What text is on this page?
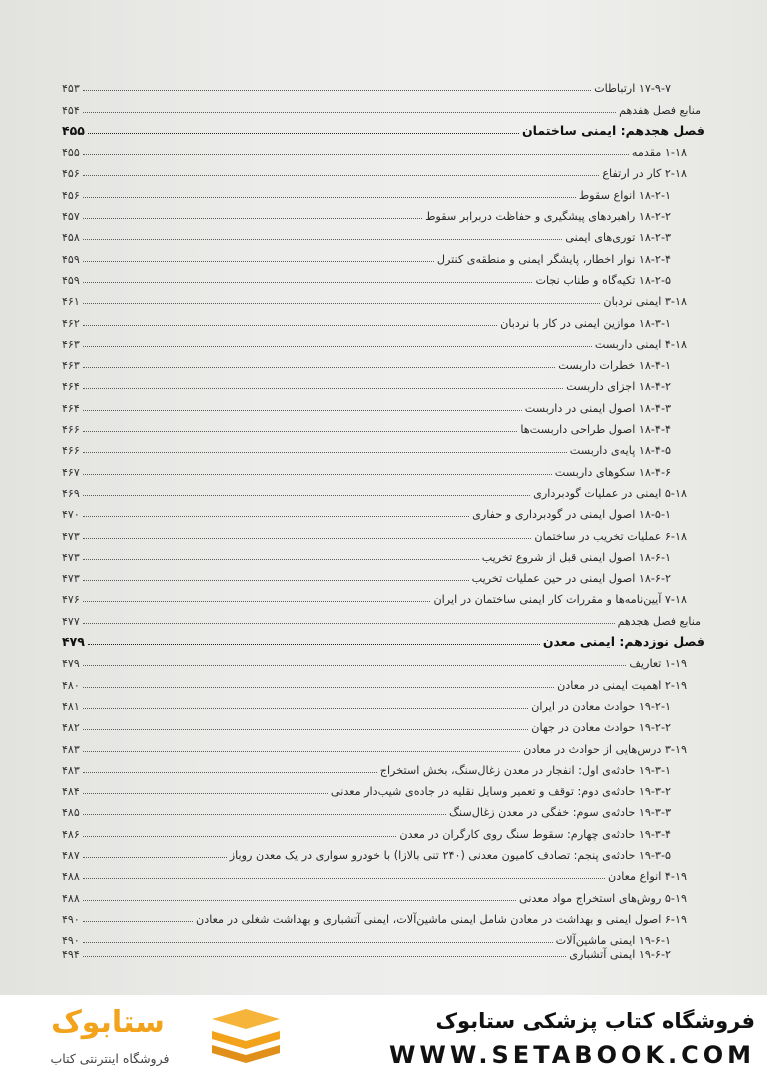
۱۷-۹-۷ ارتباطات
۴۵۳
منابع فصل هفدهم
۴۵۴
فصل هجدهم: ایمنی ساختمان
۴۵۵
۱-۱۸ مقدمه
۴۵۵
۲-۱۸ کار در ارتفاع
۴۵۶
۱۸-۲-۱ انواع سقوط
۴۵۶
۱۸-۲-۲ راهبردهای پیشگیری و حفاظت دربرابر سقوط
۴۵۷
۱۸-۲-۳ توری‌های ایمنی
۴۵۸
۱۸-۲-۴ نوار اخطار، پایشگر ایمنی و منطقه‌ی کنترل
۴۵۹
۱۸-۲-۵ تکیه‌گاه و طناب نجات
۴۵۹
۳-۱۸ ایمنی نردبان
۴۶۱
۱۸-۳-۱ موازین ایمنی در کار با نردبان
۴۶۲
۴-۱۸ ایمنی داربست
۴۶۳
۱۸-۴-۱ خطرات داربست
۴۶۳
۱۸-۴-۲ اجزای داربست
۴۶۴
۱۸-۴-۳ اصول ایمنی در داربست
۴۶۴
۱۸-۴-۴ اصول طراحی داربست‌ها
۴۶۶
۱۸-۴-۵ پایه‌ی داربست
۴۶۶
۱۸-۴-۶ سکوهای داربست
۴۶۷
۵-۱۸ ایمنی در عملیات گودبرداری
۴۶۹
۱۸-۵-۱ اصول ایمنی در گودبرداری و حفاری
۴۷۰
۶-۱۸ عملیات تخریب در ساختمان
۴۷۳
۱۸-۶-۱ اصول ایمنی قبل از شروع تخریب
۴۷۳
۱۸-۶-۲ اصول ایمنی در حین عملیات تخریب
۴۷۳
۷-۱۸ آیین‌نامه‌ها و مقررات کار ایمنی ساختمان در ایران
۴۷۶
منابع فصل هجدهم
۴۷۷
فصل نوزدهم: ایمنی معدن
۴۷۹
۱-۱۹ تعاریف
۴۷۹
۲-۱۹ اهمیت ایمنی در معادن
۴۸۰
۱۹-۲-۱ حوادث معادن در ایران
۴۸۱
۱۹-۲-۲ حوادث معادن در جهان
۴۸۲
۳-۱۹ درس‌هایی از حوادث در معادن
۴۸۳
۱۹-۳-۱ حادثه‌ی اول: انفجار در معدن زغال‌سنگ، بخش استخراج
۴۸۳
۱۹-۳-۲ حادثه‌ی دوم: توقف و تعمیر وسایل نقلیه در جاده‌ی شیب‌دار معدنی
۴۸۴
۱۹-۳-۳ حادثه‌ی سوم: خفگی در معدن زغال‌سنگ
۴۸۵
۱۹-۳-۴ حادثه‌ی چهارم: سقوط سنگ روی کارگران در معدن
۴۸۶
۱۹-۳-۵ حادثه‌ی پنجم: تصادف کامیون معدنی (۲۴۰ تنی بالازا) با خودرو سواری در یک معدن روباز
۴۸۷
۴-۱۹ انواع معادن
۴۸۸
۵-۱۹ روش‌های استخراج مواد معدنی
۴۸۸
۶-۱۹ اصول ایمنی و بهداشت در معادن شامل ایمنی ماشین‌آلات، ایمنی آتشباری و بهداشت شغلی در معادن
۴۹۰
۱۹-۶-۱ ایمنی ماشین‌آلات
۴۹۰
۱۹-۶-۲ ایمنی آتشباری
۴۹۴
ستابوک
فروشگاه اینترنتی کتاب
فروشگاه کتاب پزشکی ستابوک
WWW.SETABOOK.COM
